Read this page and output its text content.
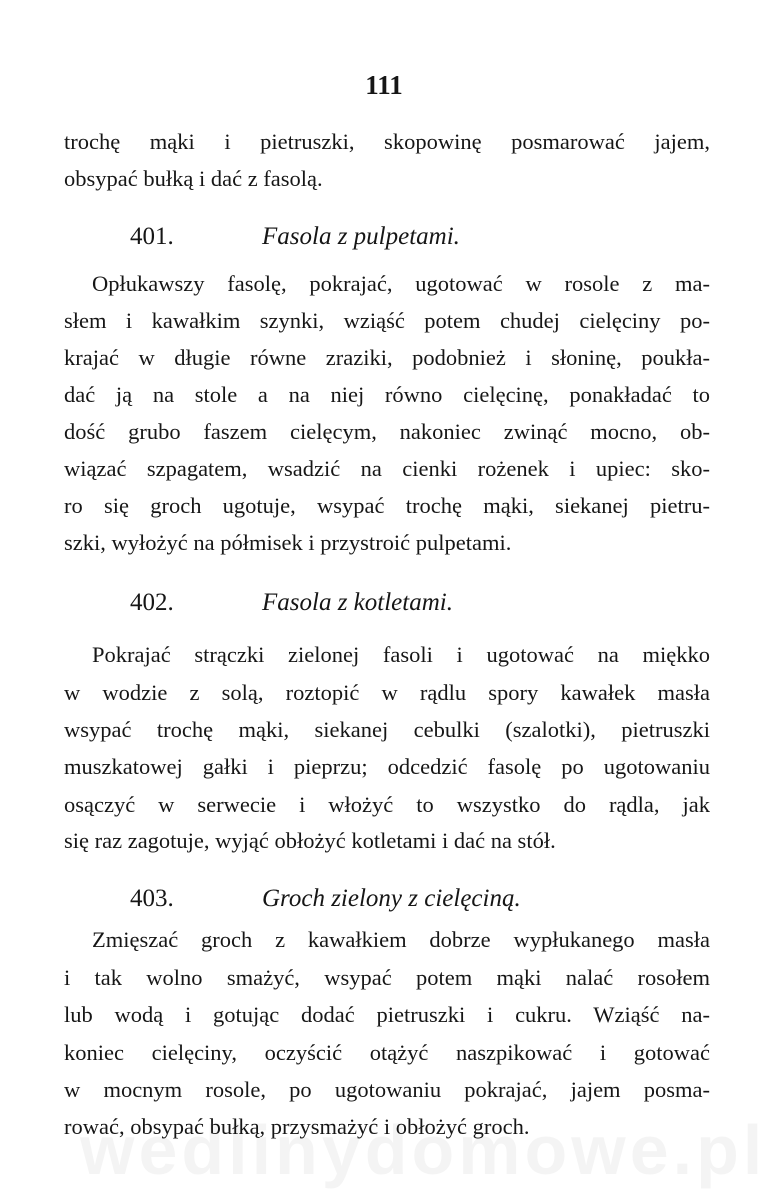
111
trochę mąki i pietruszki, skopowinę posmarować jajem,
obsypać bułką i dać z fasolą.
401.	Fasola z pulpetami.
Opłukawszy fasolę, pokrajać, ugotować w rosole z ma-
słem i kawałkim szynki, wziąść potem chudej cielęciny po-
krajać w długie równe zraziki, podobnież i słoninę, poukła-
dać ją na stole a na niej równo cielęcinę, ponakładać to
dość grubo faszem cielęcym, nakoniec zwinąć mocno, ob-
wiązać szpagatem, wsadzić na cienki rożenek i upiec: sko-
ro się groch ugotuje, wsypać trochę mąki, siekanej pietru-
szki, wyłożyć na półmisek i przystroić pulpetami.
402.	Fasola z kotletami.
Pokrajać strączki zielonej fasoli i ugotować na miękko
w wodzie z solą, roztopić w rądlu spory kawałek masła
wsypać trochę mąki, siekanej cebulki (szalotki), pietruszki
muszkatowej gałki i pieprzu; odcedzić fasolę po ugotowaniu
osączyć w serwecie i włożyć to wszystko do rądla, jak
się raz zagotuje, wyjąć obłożyć kotletami i dać na stół.
403.	Groch zielony z cielęciną.
Zmięszać groch z kawałkiem dobrze wypłukanego masła
i tak wolno smażyć, wsypać potem mąki nalać rosołem
lub wodą i gotując dodać pietruszki i cukru. Wziąść na-
koniec cielęciny, oczyścić otążyć naszpikować i gotować
w mocnym rosole, po ugotowaniu pokrajać, jajem posma-
rować, obsypać bułką, przysmażyć i obłożyć groch.
